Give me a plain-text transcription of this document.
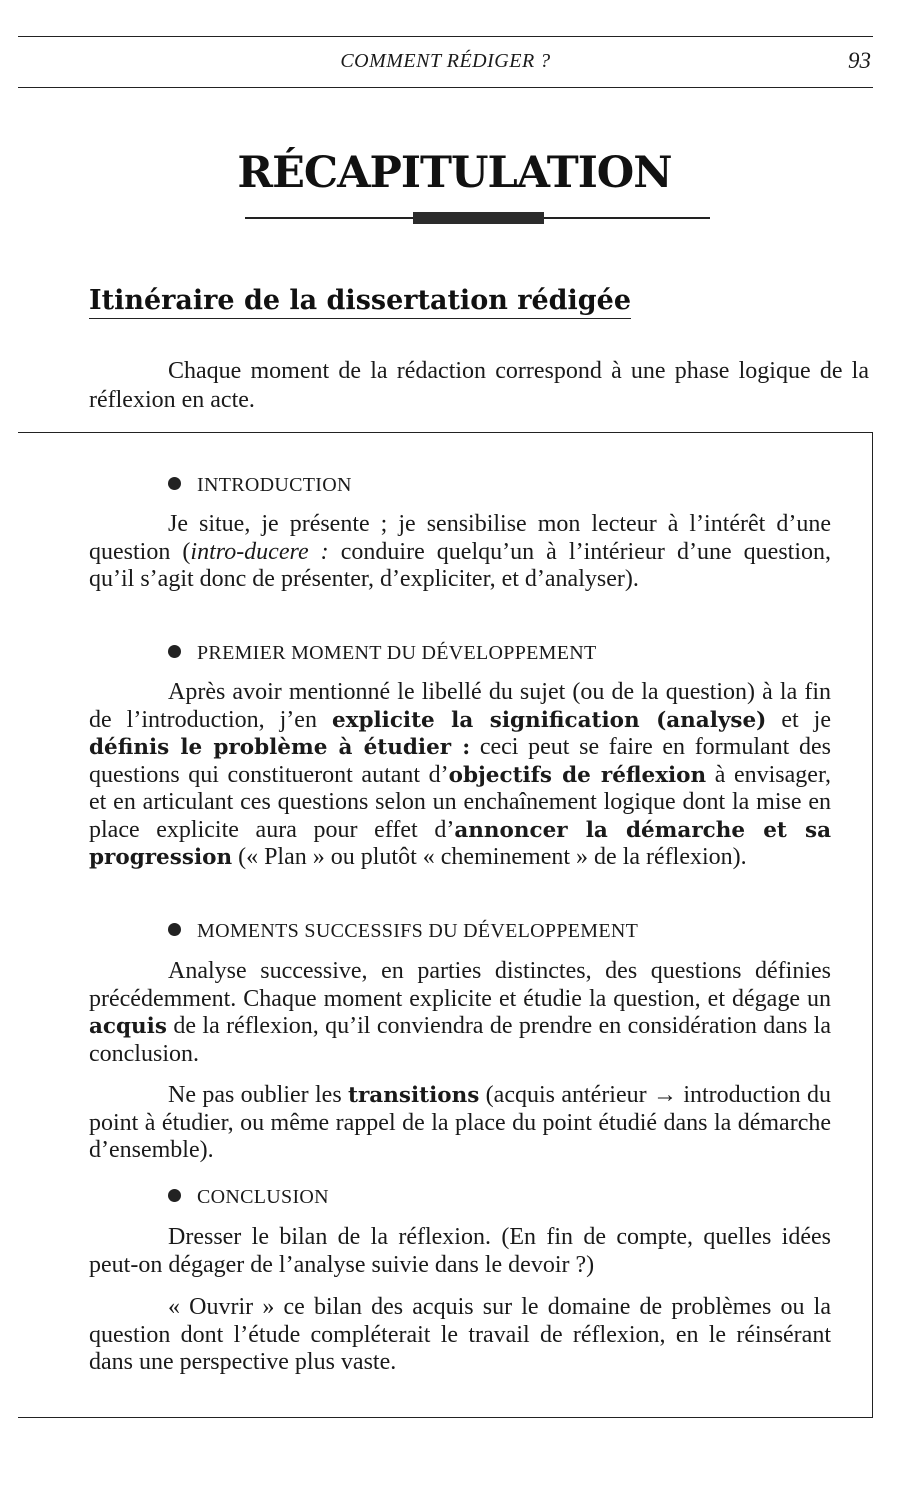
COMMENT RÉDIGER ?	93
RÉCAPITULATION
Itinéraire de la dissertation rédigée

Chaque moment de la rédaction correspond à une phase logique de la réflexion en acte.

INTRODUCTION

Je situe, je présente ; je sensibilise mon lecteur à l’intérêt d’une question (intro-ducere : conduire quelqu’un à l’intérieur d’une question, qu’il s’agit donc de présenter, d’expliciter, et d’analyser).

PREMIER MOMENT DU DÉVELOPPEMENT

Après avoir mentionné le libellé du sujet (ou de la question) à la fin de l’introduction, j’en explicite la signification (analyse) et je définis le problème à étudier : ceci peut se faire en formulant des questions qui constitueront autant d’objectifs de réflexion à envisager, et en articulant ces questions selon un enchaînement logique dont la mise en place explicite aura pour effet d’annoncer la démarche et sa progression (« Plan » ou plutôt « cheminement » de la réflexion).

MOMENTS SUCCESSIFS DU DÉVELOPPEMENT

Analyse successive, en parties distinctes, des questions définies précédemment. Chaque moment explicite et étudie la question, et dégage un acquis de la réflexion, qu’il conviendra de prendre en considération dans la conclusion.

Ne pas oublier les transitions (acquis antérieur → introduction du point à étudier, ou même rappel de la place du point étudié dans la démarche d’ensemble).

CONCLUSION

Dresser le bilan de la réflexion. (En fin de compte, quelles idées peut-on dégager de l’analyse suivie dans le devoir ?)

« Ouvrir » ce bilan des acquis sur le domaine de problèmes ou la question dont l’étude compléterait le travail de réflexion, en le réinsérant dans une perspective plus vaste.
